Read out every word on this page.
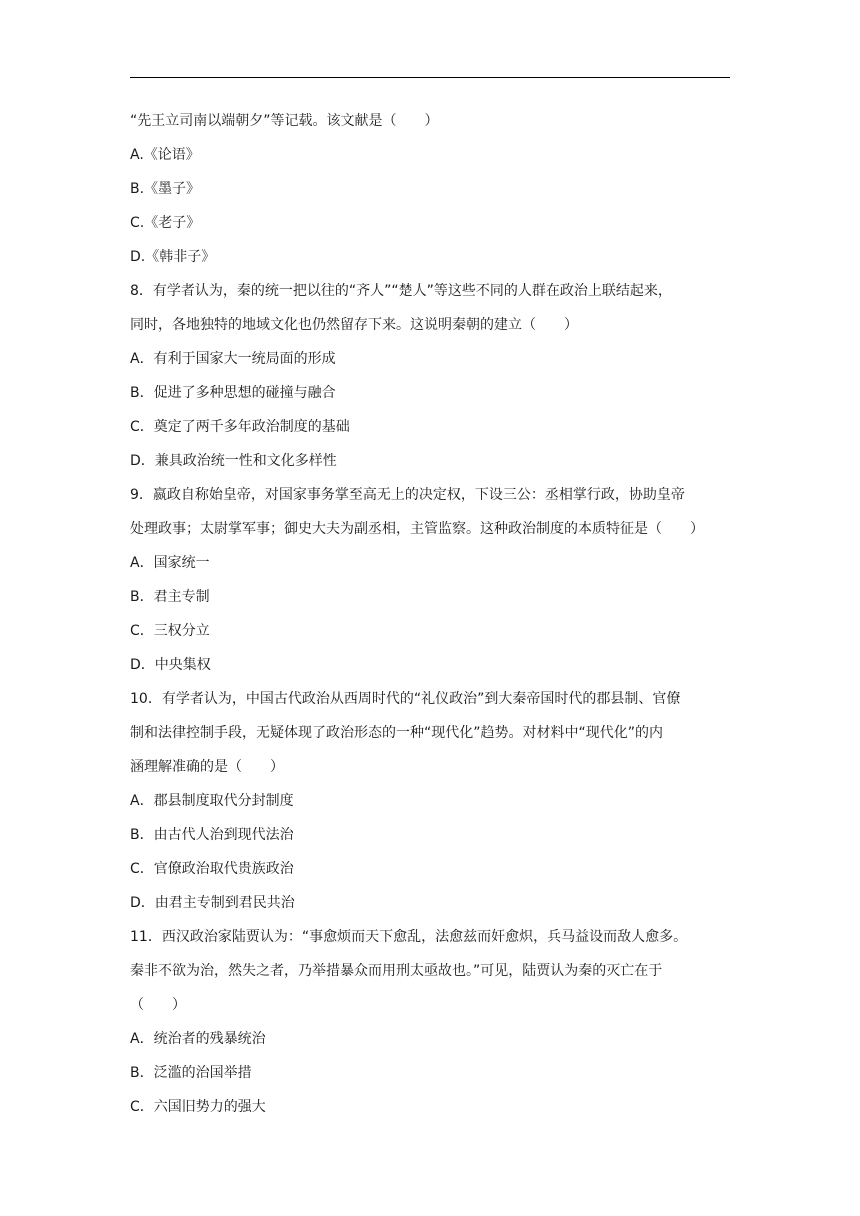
“先王立司南以端朝夕”等记载。该文献是（　　）
A.《论语》
B.《墨子》
C.《老子》
D.《韩非子》
8．有学者认为，秦的统一把以往的“齐人”“楚人”等这些不同的人群在政治上联结起来，
同时，各地独特的地域文化也仍然留存下来。这说明秦朝的建立（　　）
A．有利于国家大一统局面的形成
B．促进了多种思想的碰撞与融合
C．奠定了两千多年政治制度的基础
D．兼具政治统一性和文化多样性
9．嬴政自称始皇帝，对国家事务掌至高无上的决定权，下设三公：丞相掌行政，协助皇帝
处理政事；太尉掌军事；御史大夫为副丞相，主管监察。这种政治制度的本质特征是（　　）
A．国家统一
B．君主专制
C．三权分立
D．中央集权
10．有学者认为，中国古代政治从西周时代的“礼仪政治”到大秦帝国时代的郡县制、官僚
制和法律控制手段，无疑体现了政治形态的一种“现代化”趋势。对材料中“现代化”的内
涵理解准确的是（　　）
A．郡县制度取代分封制度
B．由古代人治到现代法治
C．官僚政治取代贵族政治
D．由君主专制到君民共治
11．西汉政治家陆贾认为：“事愈烦而天下愈乱，法愈兹而奸愈炽，兵马益设而敌人愈多。
秦非不欲为治，然失之者，乃举措暴众而用刑太亟故也。”可见，陆贾认为秦的灭亡在于
（　　）
A．统治者的残暴统治
B．泛滥的治国举措
C．六国旧势力的强大
